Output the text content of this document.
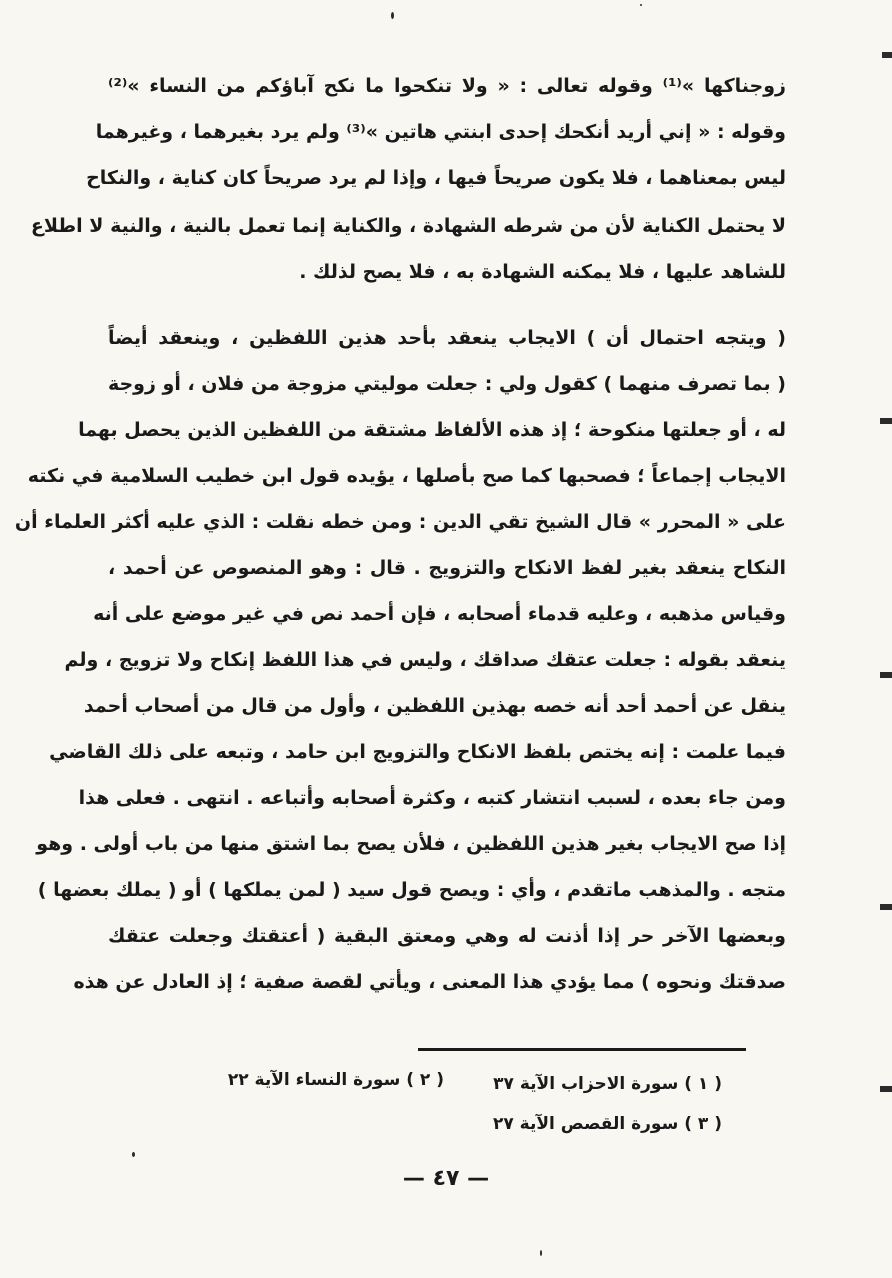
زوجناكها »⁽¹⁾ وقوله تعالى : « ولا تنكحوا ما نكح آباؤكم من النساء »⁽²⁾
وقوله : « إني أريد أنكحك إحدى ابنتي هاتين »⁽³⁾ ولم يرد بغيرهما ، وغيرهما
ليس بمعناهما ، فلا يكون صريحاً فيها ، وإذا لم يرد صريحاً كان كناية ، والنكاح
لا يحتمل الكناية لأن من شرطه الشهادة ، والكناية إنما تعمل بالنية ، والنية لا اطلاع
للشاهد عليها ، فلا يمكنه الشهادة به ، فلا يصح لذلك .
( ويتجه احتمال أن ) الايجاب ينعقد بأحد هذين اللفظين ، وينعقد أيضاً
( بما تصرف منهما ) كقول ولي : جعلت موليتي مزوجة من فلان ، أو زوجة
له ، أو جعلتها منكوحة ؛ إذ هذه الألفاظ مشتقة من اللفظين الذين يحصل بهما
الايجاب إجماعاً ؛ فصحبها كما صح بأصلها ، يؤيده قول ابن خطيب السلامية في نكته
على « المحرر » قال الشيخ تقي الدين : ومن خطه نقلت : الذي عليه أكثر العلماء أن
النكاح ينعقد بغير لفظ الانكاح والتزويج . قال : وهو المنصوص عن أحمد ،
وقياس مذهبه ، وعليه قدماء أصحابه ، فإن أحمد نص في غير موضع على أنه
ينعقد بقوله : جعلت عتقك صداقك ، وليس في هذا اللفظ إنكاح ولا تزويج ، ولم
ينقل عن أحمد أحد أنه خصه بهذين اللفظين ، وأول من قال من أصحاب أحمد
فيما علمت : إنه يختص بلفظ الانكاح والتزويج ابن حامد ، وتبعه على ذلك القاضي
ومن جاء بعده ، لسبب انتشار كتبه ، وكثرة أصحابه وأتباعه . انتهى . فعلى هذا
إذا صح الايجاب بغير هذين اللفظين ، فلأن يصح بما اشتق منها من باب أولى . وهو
متجه . والمذهب ماتقدم ، وأي : ويصح قول سيد ( لمن يملكها ) أو ( يملك بعضها )
وبعضها الآخر حر إذا أذنت له وهي ومعتق البقية ( أعتقتك وجعلت عتقك
صدقتك ونحوه ) مما يؤدي هذا المعنى ، ويأتي لقصة صفية ؛ إذ العادل عن هذه
( ١ ) سورة الاحزاب الآية ٣٧
( ٢ ) سورة النساء الآية ٢٢
( ٣ ) سورة القصص الآية ٢٧
— ٤٧ —
